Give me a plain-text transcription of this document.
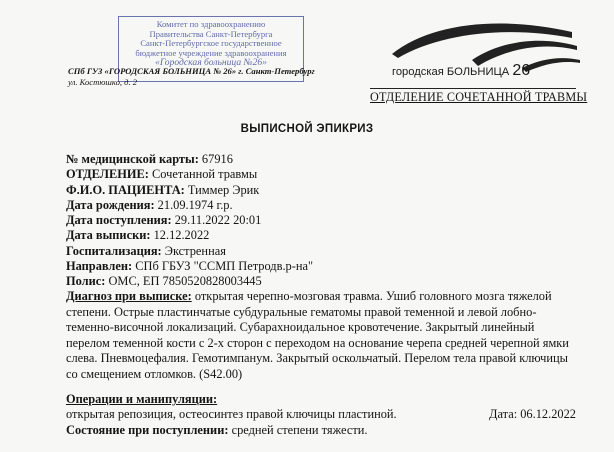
Комитет по здравоохранению
Правительства Санкт-Петербурга
Санкт-Петербургское государственное
бюджетное учреждение здравоохранения
«Городская больница №26»
СПб ГУЗ «ГОРОДСКАЯ БОЛЬНИЦА № 26» г. Санкт-Петербург
ул. Костюшко, д. 2
городская БОЛЬНИЦА 26
ОТДЕЛЕНИЕ СОЧЕТАННОЙ ТРАВМЫ
ВЫПИСНОЙ ЭПИКРИЗ
№ медицинской карты: 67916
ОТДЕЛЕНИЕ: Сочетанной травмы
Ф.И.О. ПАЦИЕНТА: Тиммер Эрик
Дата рождения: 21.09.1974 г.р.
Дата поступления: 29.11.2022 20:01
Дата выписки: 12.12.2022
Госпитализация: Экстренная
Направлен: СПб ГБУЗ "ССМП Петродв.р-на"
Полис: ОМС, ЕП 7850520828003445
Диагноз при выписке: открытая черепно-мозговая травма. Ушиб головного мозга тяжелой степени. Острые пластинчатые субдуральные гематомы правой теменной и левой лобно-теменно-височной локализаций. Субарахноидальное кровотечение. Закрытый линейный перелом теменной кости с 2-х сторон с переходом на основание черепа средней черепной ямки слева. Пневмоцефалия. Гемотимпанум. Закрытый оскольчатый. Перелом тела правой ключицы со смещением отломков. (S42.00)
Операции и манипуляции:
открытая репозиция, остеосинтез правой ключицы пластиной.	Дата: 06.12.2022
Состояние при поступлении: средней степени тяжести.
